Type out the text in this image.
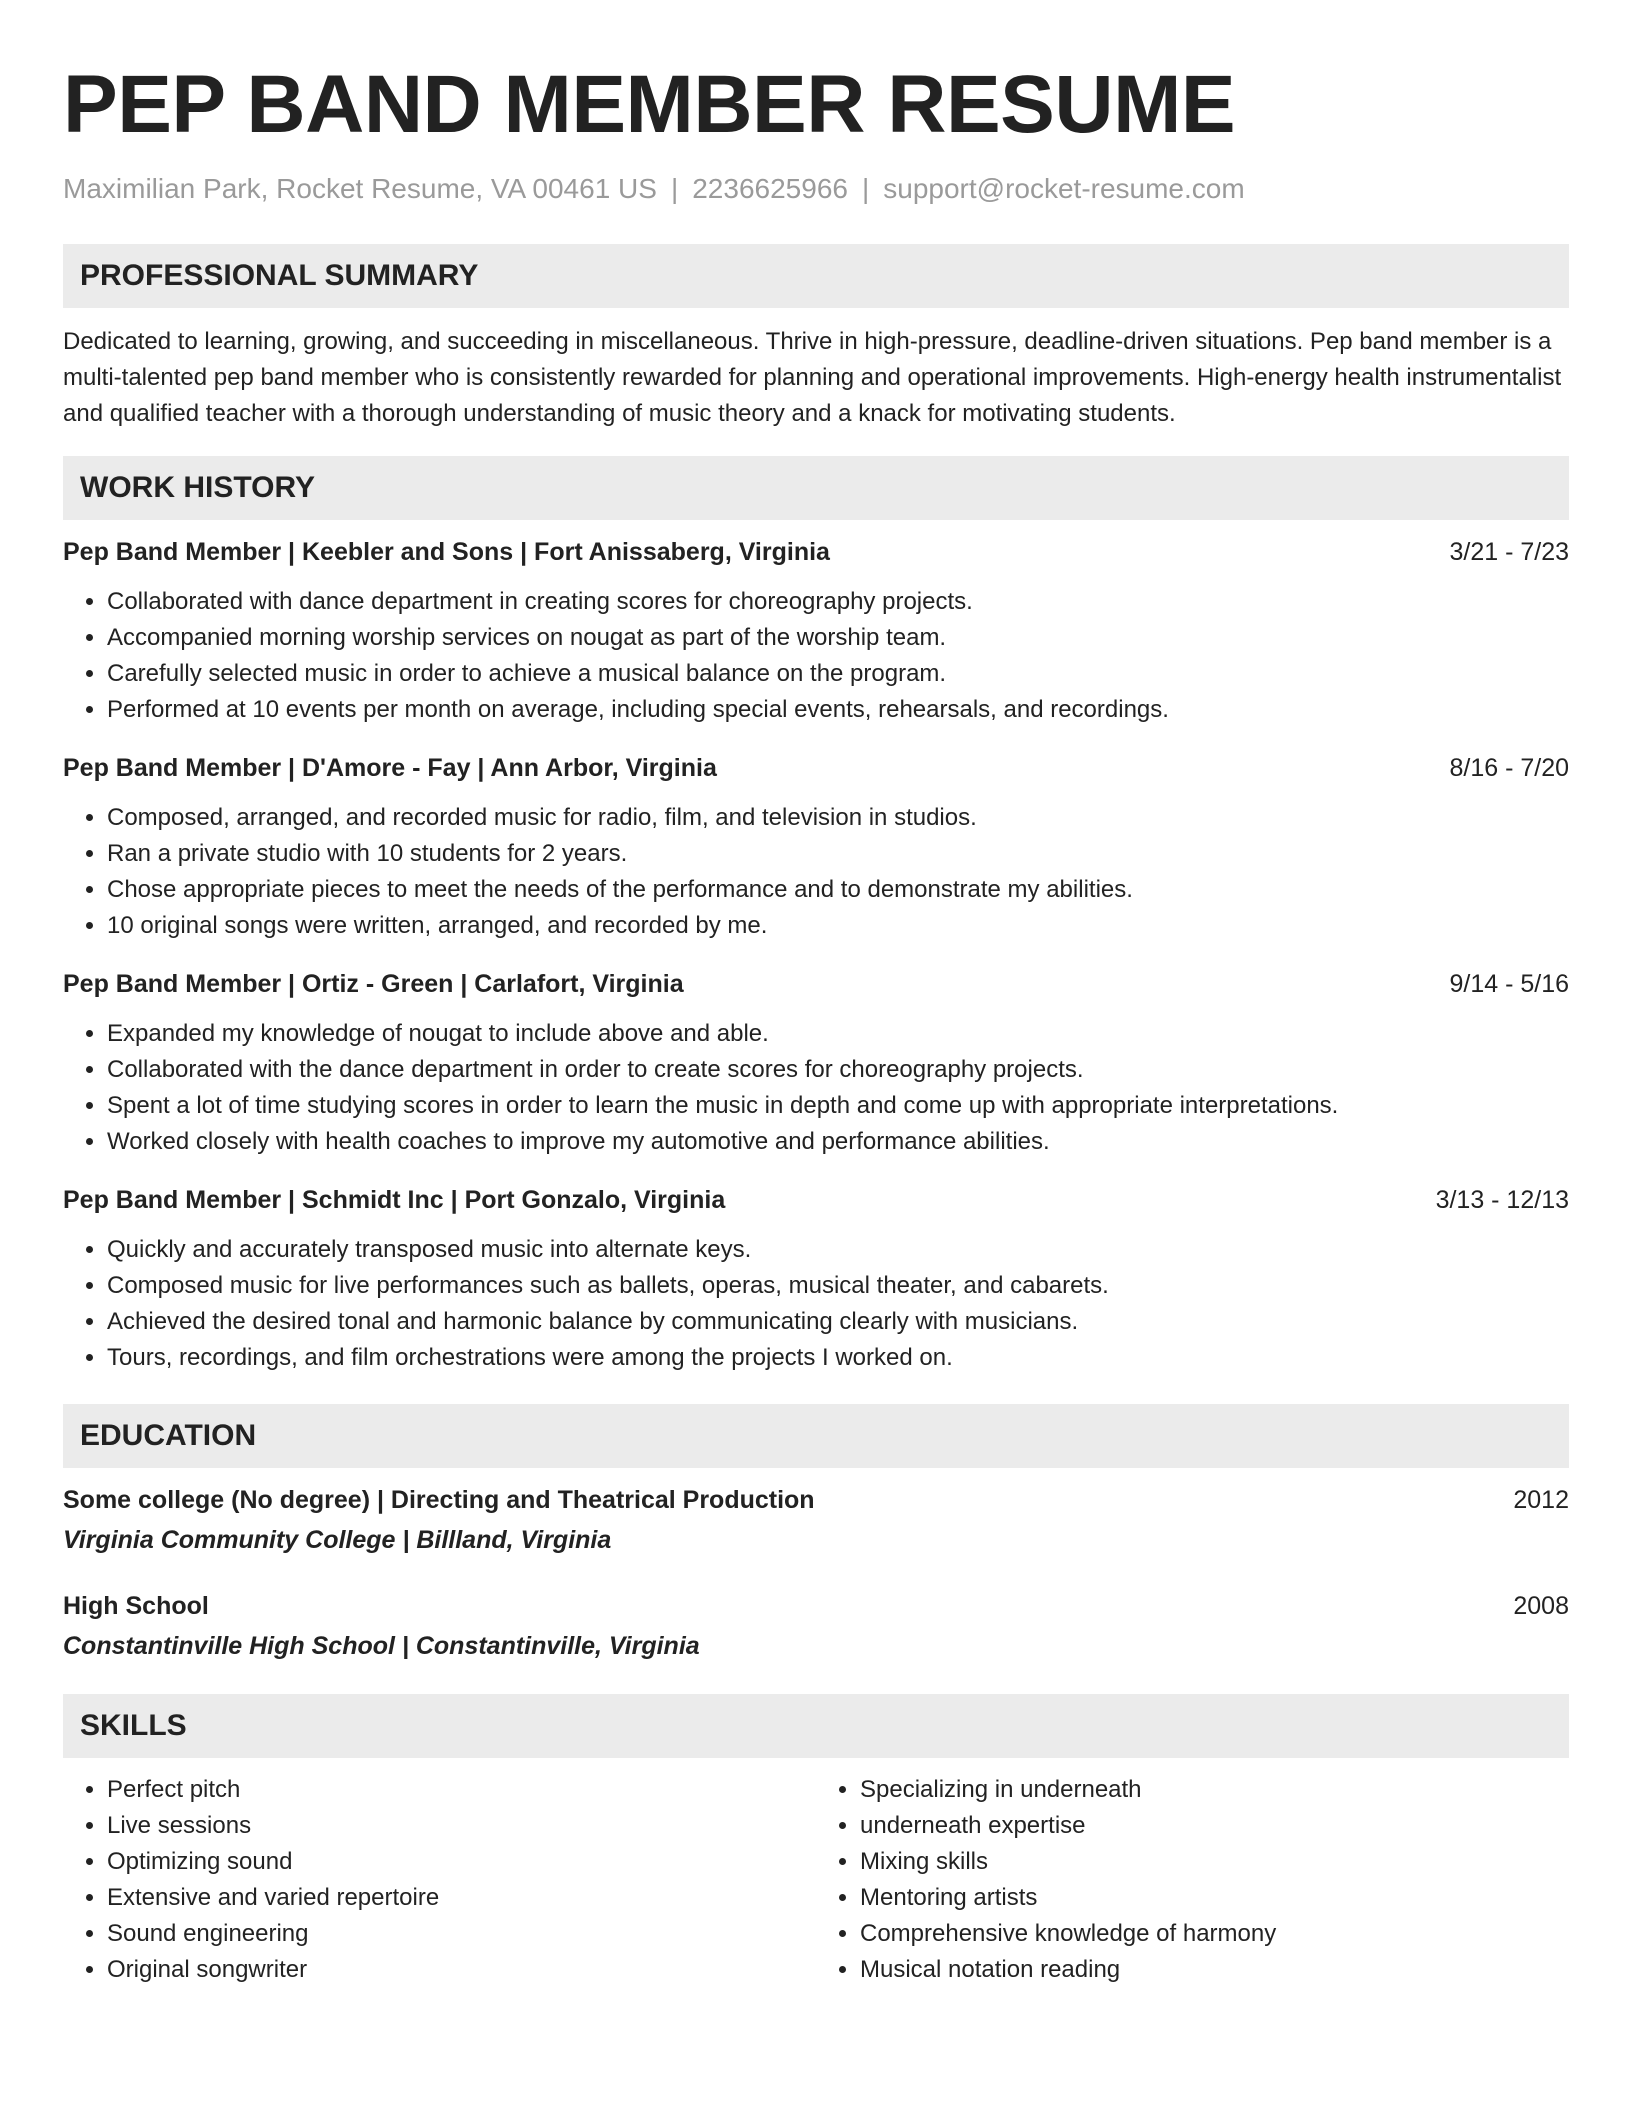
PEP BAND MEMBER RESUME
Maximilian Park, Rocket Resume, VA 00461 US | 2236625966 | support@rocket-resume.com
PROFESSIONAL SUMMARY

Dedicated to learning, growing, and succeeding in miscellaneous. Thrive in high-pressure, deadline-driven situations. Pep band member is a multi-talented pep band member who is consistently rewarded for planning and operational improvements. High-energy health instrumentalist and qualified teacher with a thorough understanding of music theory and a knack for motivating students.

WORK HISTORY
Pep Band Member | Keebler and Sons | Fort Anissaberg, Virginia	3/21 - 7/23
• Collaborated with dance department in creating scores for choreography projects.
• Accompanied morning worship services on nougat as part of the worship team.
• Carefully selected music in order to achieve a musical balance on the program.
• Performed at 10 events per month on average, including special events, rehearsals, and recordings.
Pep Band Member | D'Amore - Fay | Ann Arbor, Virginia	8/16 - 7/20
• Composed, arranged, and recorded music for radio, film, and television in studios.
• Ran a private studio with 10 students for 2 years.
• Chose appropriate pieces to meet the needs of the performance and to demonstrate my abilities.
• 10 original songs were written, arranged, and recorded by me.
Pep Band Member | Ortiz - Green | Carlafort, Virginia	9/14 - 5/16
• Expanded my knowledge of nougat to include above and able.
• Collaborated with the dance department in order to create scores for choreography projects.
• Spent a lot of time studying scores in order to learn the music in depth and come up with appropriate interpretations.
• Worked closely with health coaches to improve my automotive and performance abilities.
Pep Band Member | Schmidt Inc | Port Gonzalo, Virginia	3/13 - 12/13
• Quickly and accurately transposed music into alternate keys.
• Composed music for live performances such as ballets, operas, musical theater, and cabarets.
• Achieved the desired tonal and harmonic balance by communicating clearly with musicians.
• Tours, recordings, and film orchestrations were among the projects I worked on.
EDUCATION
Some college (No degree) | Directing and Theatrical Production	2012
Virginia Community College | Billland, Virginia
High School	2008
Constantinville High School | Constantinville, Virginia
SKILLS
• Perfect pitch
• Live sessions
• Optimizing sound
• Extensive and varied repertoire
• Sound engineering
• Original songwriter
• Specializing in underneath
• underneath expertise
• Mixing skills
• Mentoring artists
• Comprehensive knowledge of harmony
• Musical notation reading
